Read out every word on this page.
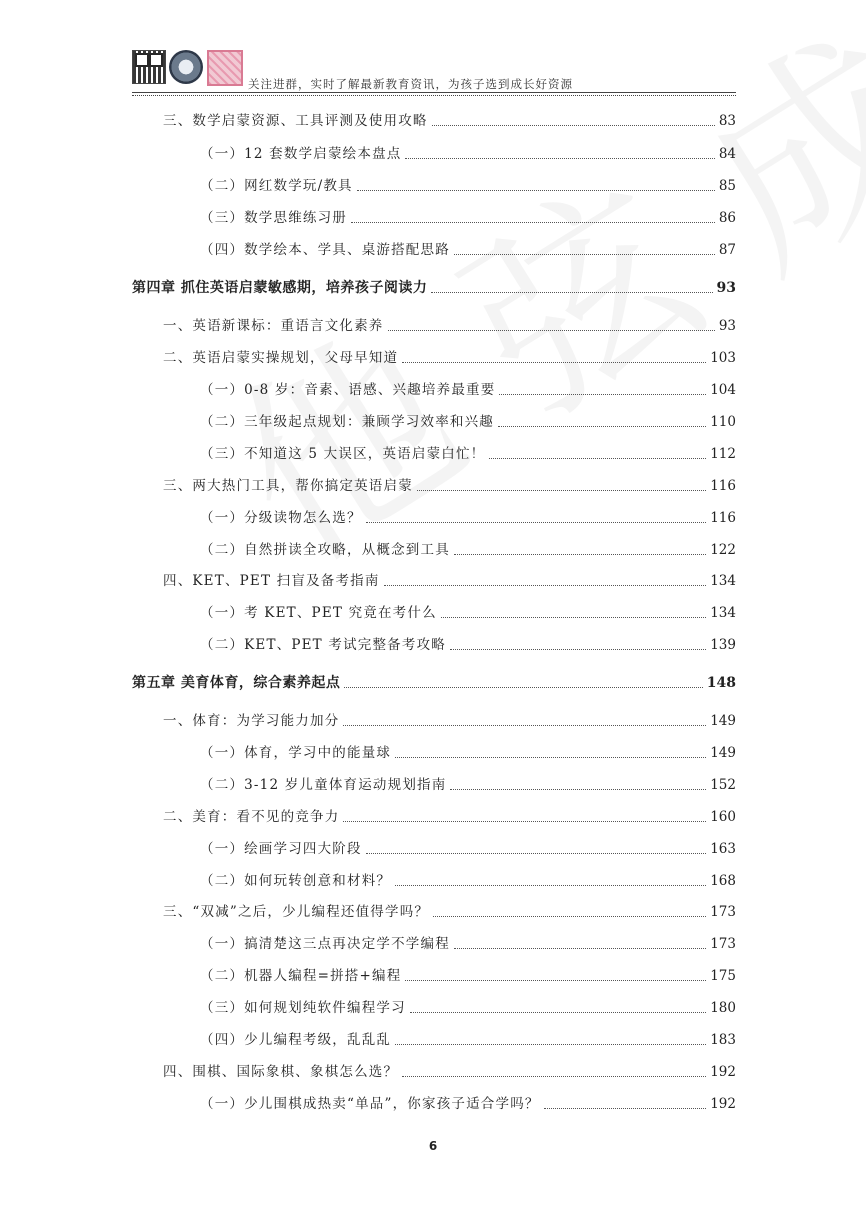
关注进群，实时了解最新教育资讯，为孩子选到成长好资源
三、数学启蒙资源、工具评测及使用攻略	83
（一）12 套数学启蒙绘本盘点	84
（二）网红数学玩/教具	85
（三）数学思维练习册	86
（四）数学绘本、学具、桌游搭配思路	87
第四章 抓住英语启蒙敏感期，培养孩子阅读力	93
一、英语新课标：重语言文化素养	93
二、英语启蒙实操规划，父母早知道	103
（一）0-8 岁：音素、语感、兴趣培养最重要	104
（二）三年级起点规划：兼顾学习效率和兴趣	110
（三）不知道这 5 大误区，英语启蒙白忙！	112
三、两大热门工具，帮你搞定英语启蒙	116
（一）分级读物怎么选？	116
（二）自然拼读全攻略，从概念到工具	122
四、KET、PET 扫盲及备考指南	134
（一）考 KET、PET 究竟在考什么	134
（二）KET、PET 考试完整备考攻略	139
第五章 美育体育，综合素养起点	148
一、体育：为学习能力加分	149
（一）体育，学习中的能量球	149
（二）3-12 岁儿童体育运动规划指南	152
二、美育：看不见的竞争力	160
（一）绘画学习四大阶段	163
（二）如何玩转创意和材料？	168
三、“双减”之后，少儿编程还值得学吗？	173
（一）搞清楚这三点再决定学不学编程	173
（二）机器人编程=拼搭+编程	175
（三）如何规划纯软件编程学习	180
（四）少儿编程考级，乱乱乱	183
四、围棋、国际象棋、象棋怎么选？	192
（一）少儿围棋成热卖“单品”，你家孩子适合学吗？	192
6
